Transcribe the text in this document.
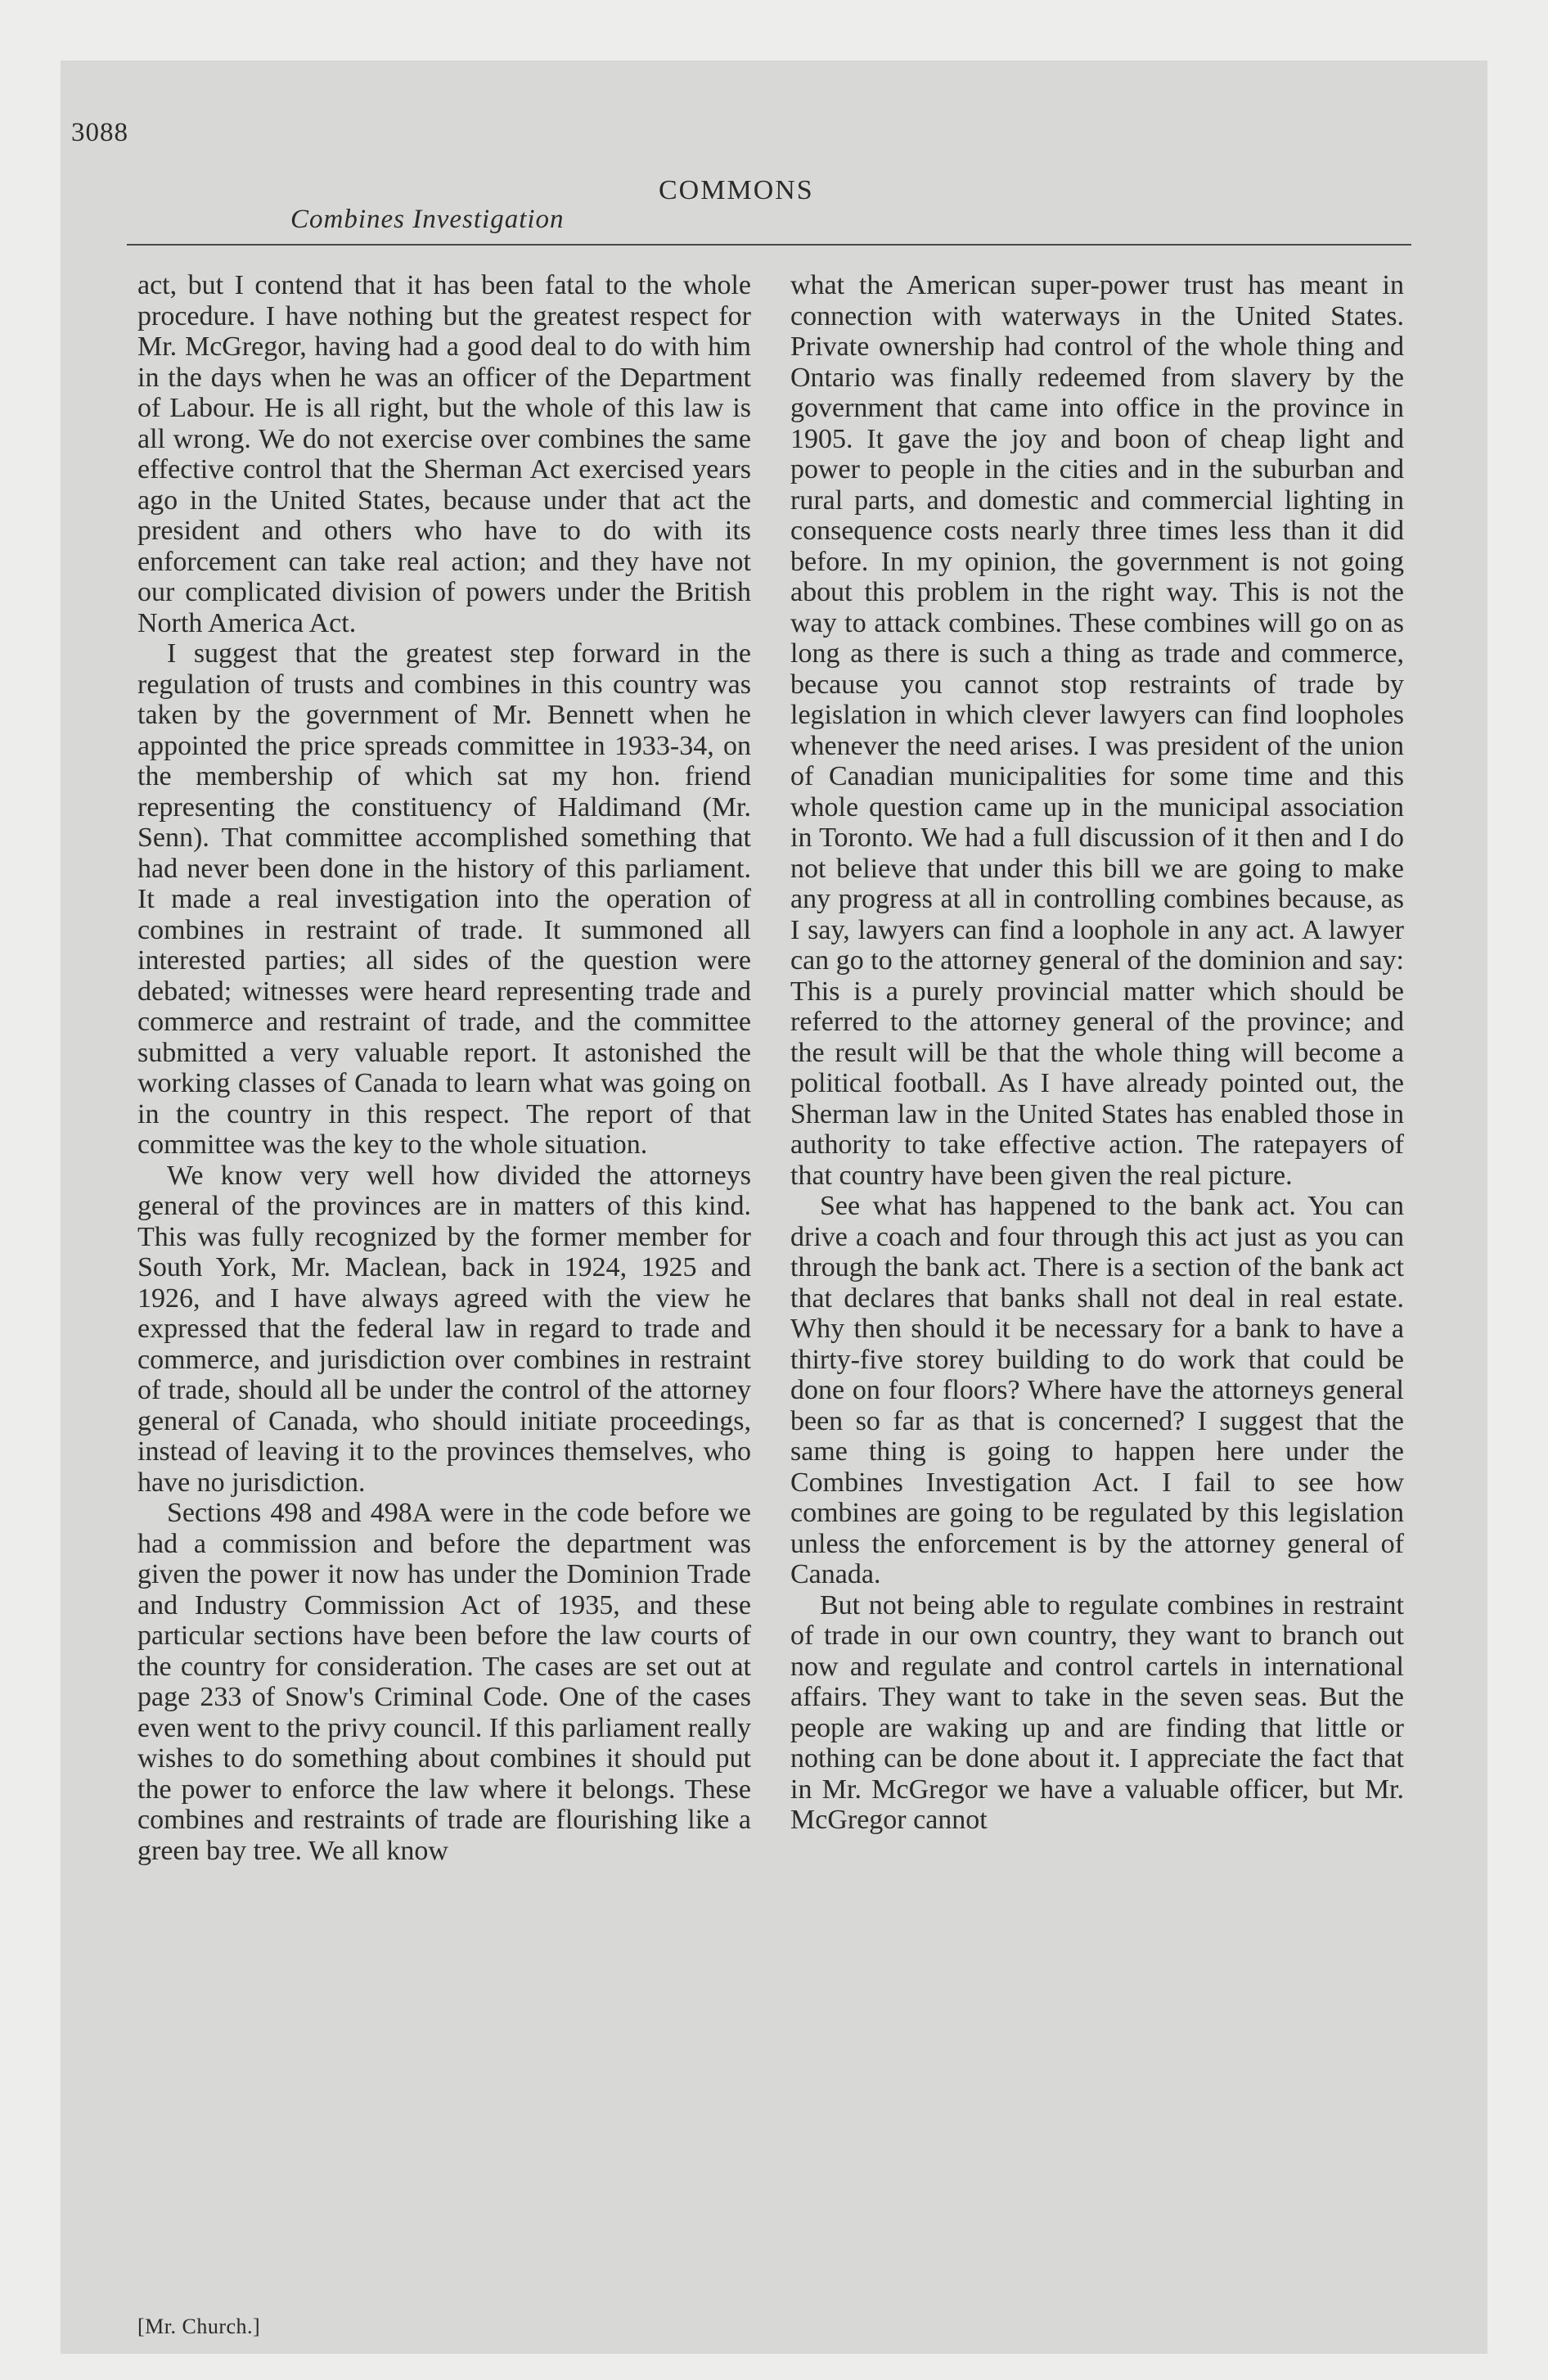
3088
Combines Investigation
COMMONS

act, but I contend that it has been fatal to the whole procedure. I have nothing but the greatest respect for Mr. McGregor, having had a good deal to do with him in the days when he was an officer of the Department of Labour. He is all right, but the whole of this law is all wrong. We do not exercise over combines the same effective control that the Sherman Act exercised years ago in the United States, because under that act the president and others who have to do with its enforcement can take real action; and they have not our complicated division of powers under the British North America Act.

I suggest that the greatest step forward in the regulation of trusts and combines in this country was taken by the government of Mr. Bennett when he appointed the price spreads committee in 1933-34, on the membership of which sat my hon. friend representing the constituency of Haldimand (Mr. Senn). That committee accomplished something that had never been done in the history of this parliament. It made a real investigation into the operation of combines in restraint of trade. It summoned all interested parties; all sides of the question were debated; witnesses were heard representing trade and commerce and restraint of trade, and the committee submitted a very valuable report. It astonished the working classes of Canada to learn what was going on in the country in this respect. The report of that committee was the key to the whole situation.

We know very well how divided the attorneys general of the provinces are in matters of this kind. This was fully recognized by the former member for South York, Mr. Maclean, back in 1924, 1925 and 1926, and I have always agreed with the view he expressed that the federal law in regard to trade and commerce, and jurisdiction over combines in restraint of trade, should all be under the control of the attorney general of Canada, who should initiate proceedings, instead of leaving it to the provinces themselves, who have no jurisdiction.

Sections 498 and 498A were in the code before we had a commission and before the department was given the power it now has under the Dominion Trade and Industry Commission Act of 1935, and these particular sections have been before the law courts of the country for consideration. The cases are set out at page 233 of Snow's Criminal Code. One of the cases even went to the privy council. If this parliament really wishes to do something about combines it should put the power to enforce the law where it belongs. These combines and restraints of trade are flourishing like a green bay tree. We all know

what the American super-power trust has meant in connection with waterways in the United States. Private ownership had control of the whole thing and Ontario was finally redeemed from slavery by the government that came into office in the province in 1905. It gave the joy and boon of cheap light and power to people in the cities and in the suburban and rural parts, and domestic and commercial lighting in consequence costs nearly three times less than it did before. In my opinion, the government is not going about this problem in the right way. This is not the way to attack combines. These combines will go on as long as there is such a thing as trade and commerce, because you cannot stop restraints of trade by legislation in which clever lawyers can find loopholes whenever the need arises. I was president of the union of Canadian municipalities for some time and this whole question came up in the municipal association in Toronto. We had a full discussion of it then and I do not believe that under this bill we are going to make any progress at all in controlling combines because, as I say, lawyers can find a loophole in any act. A lawyer can go to the attorney general of the dominion and say: This is a purely provincial matter which should be referred to the attorney general of the province; and the result will be that the whole thing will become a political football. As I have already pointed out, the Sherman law in the United States has enabled those in authority to take effective action. The ratepayers of that country have been given the real picture.

See what has happened to the bank act. You can drive a coach and four through this act just as you can through the bank act. There is a section of the bank act that declares that banks shall not deal in real estate. Why then should it be necessary for a bank to have a thirty-five storey building to do work that could be done on four floors? Where have the attorneys general been so far as that is concerned? I suggest that the same thing is going to happen here under the Combines Investigation Act. I fail to see how combines are going to be regulated by this legislation unless the enforcement is by the attorney general of Canada.

But not being able to regulate combines in restraint of trade in our own country, they want to branch out now and regulate and control cartels in international affairs. They want to take in the seven seas. But the people are waking up and are finding that little or nothing can be done about it. I appreciate the fact that in Mr. McGregor we have a valuable officer, but Mr. McGregor cannot

[Mr. Church.]
